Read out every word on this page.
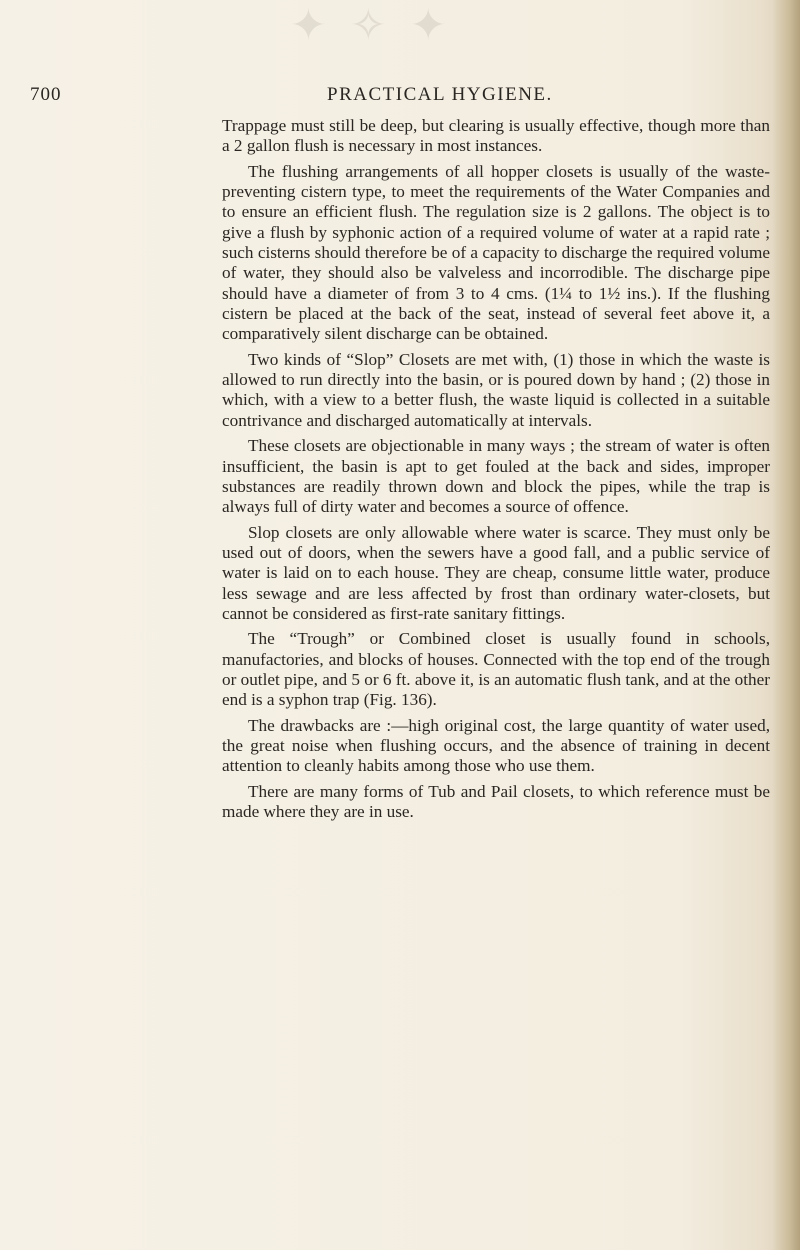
✦ ✧ ✦
700	PRACTICAL HYGIENE.

Trappage must still be deep, but clearing is usually effective, though more than a 2 gallon flush is necessary in most instances.

The flushing arrangements of all hopper closets is usually of the waste-preventing cistern type, to meet the requirements of the Water Companies and to ensure an efficient flush. The regulation size is 2 gallons. The object is to give a flush by syphonic action of a required volume of water at a rapid rate ; such cisterns should therefore be of a capacity to discharge the required volume of water, they should also be valveless and incorrodible. The discharge pipe should have a diameter of from 3 to 4 cms. (1¼ to 1½ ins.). If the flushing cistern be placed at the back of the seat, instead of several feet above it, a comparatively silent discharge can be obtained.

Two kinds of “Slop” Closets are met with, (1) those in which the waste is allowed to run directly into the basin, or is poured down by hand ; (2) those in which, with a view to a better flush, the waste liquid is collected in a suitable contrivance and discharged automatically at intervals.

These closets are objectionable in many ways ; the stream of water is often insufficient, the basin is apt to get fouled at the back and sides, improper substances are readily thrown down and block the pipes, while the trap is always full of dirty water and becomes a source of offence.

Slop closets are only allowable where water is scarce. They must only be used out of doors, when the sewers have a good fall, and a public service of water is laid on to each house. They are cheap, consume little water, produce less sewage and are less affected by frost than ordinary water-closets, but cannot be considered as first-rate sanitary fittings.

The “Trough” or Combined closet is usually found in schools, manufactories, and blocks of houses. Connected with the top end of the trough or outlet pipe, and 5 or 6 ft. above it, is an automatic flush tank, and at the other end is a syphon trap (Fig. 136).

The drawbacks are :—high original cost, the large quantity of water used, the great noise when flushing occurs, and the absence of training in decent attention to cleanly habits among those who use them.

There are many forms of Tub and Pail closets, to which reference must be made where they are in use.
